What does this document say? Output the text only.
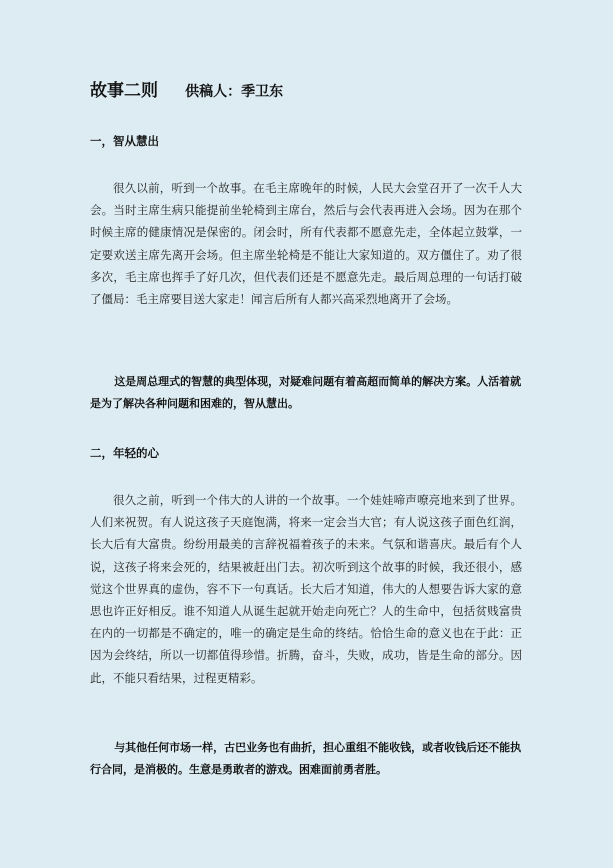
故事二则 供稿人：季卫东
一，智从慧出

很久以前，听到一个故事。在毛主席晚年的时候，人民大会堂召开了一次千人大会。当时主席生病只能提前坐轮椅到主席台，然后与会代表再进入会场。因为在那个时候主席的健康情况是保密的。闭会时，所有代表都不愿意先走，全体起立鼓掌，一定要欢送主席先离开会场。但主席坐轮椅是不能让大家知道的。双方僵住了。劝了很多次，毛主席也挥手了好几次，但代表们还是不愿意先走。最后周总理的一句话打破了僵局：毛主席要目送大家走！闻言后所有人都兴高采烈地离开了会场。

这是周总理式的智慧的典型体现，对疑难问题有着高超而简单的解决方案。人活着就是为了解决各种问题和困难的，智从慧出。

二，年轻的心

很久之前，听到一个伟大的人讲的一个故事。一个娃娃啼声嘹亮地来到了世界。人们来祝贺。有人说这孩子天庭饱满，将来一定会当大官；有人说这孩子面色红润，长大后有大富贵。纷纷用最美的言辞祝福着孩子的未来。气氛和谐喜庆。最后有个人说，这孩子将来会死的，结果被赶出门去。初次听到这个故事的时候，我还很小，感觉这个世界真的虚伪，容不下一句真话。长大后才知道，伟大的人想要告诉大家的意思也许正好相反。谁不知道人从诞生起就开始走向死亡？人的生命中，包括贫贱富贵在内的一切都是不确定的，唯一的确定是生命的终结。恰恰生命的意义也在于此：正因为会终结，所以一切都值得珍惜。折腾，奋斗，失败，成功，皆是生命的部分。因此，不能只看结果，过程更精彩。

与其他任何市场一样，古巴业务也有曲折，担心重组不能收钱，或者收钱后还不能执行合同，是消极的。生意是勇敢者的游戏。困难面前勇者胜。
